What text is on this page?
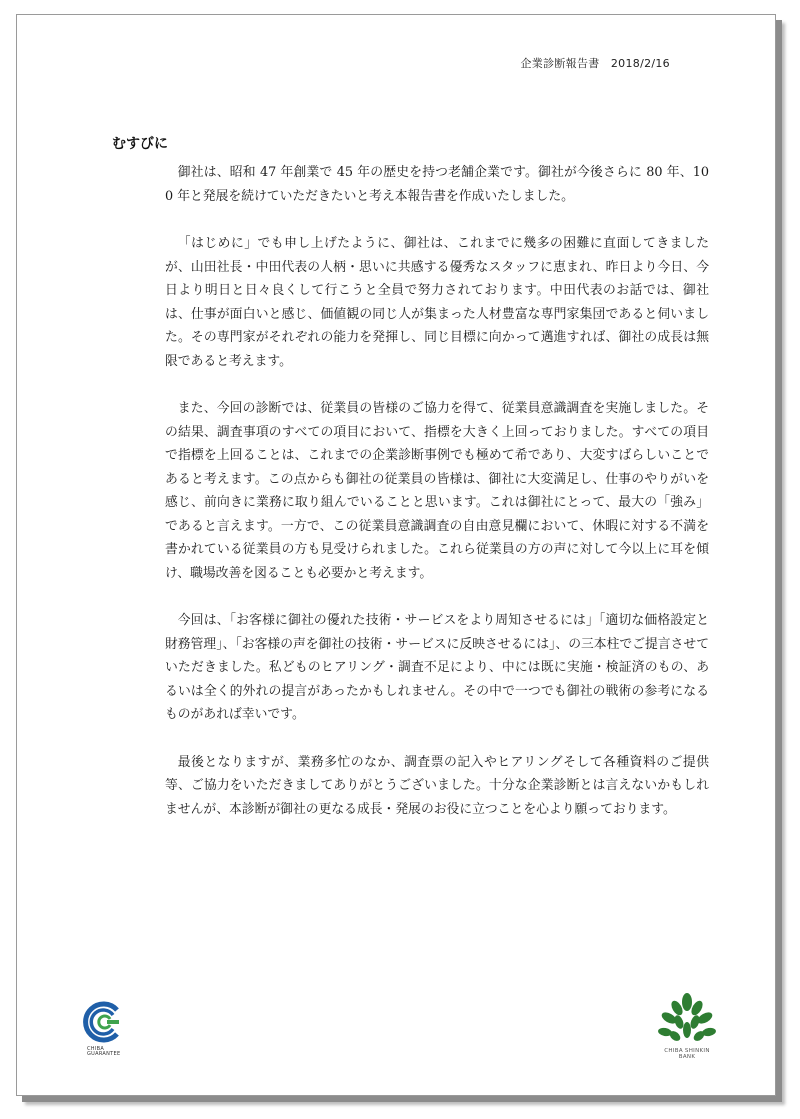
企業診断報告書　2018/2/16
むすびに

御社は、昭和 47 年創業で 45 年の歴史を持つ老舗企業です。御社が今後さらに 80 年、100 年と発展を続けていただきたいと考え本報告書を作成いたしました。

「はじめに」でも申し上げたように、御社は、これまでに幾多の困難に直面してきましたが、山田社長・中田代表の人柄・思いに共感する優秀なスタッフに恵まれ、昨日より今日、今日より明日と日々良くして行こうと全員で努力されております。中田代表のお話では、御社は、仕事が面白いと感じ、価値観の同じ人が集まった人材豊富な専門家集団であると伺いました。その専門家がそれぞれの能力を発揮し、同じ目標に向かって邁進すれば、御社の成長は無限であると考えます。

また、今回の診断では、従業員の皆様のご協力を得て、従業員意識調査を実施しました。その結果、調査事項のすべての項目において、指標を大きく上回っておりました。すべての項目で指標を上回ることは、これまでの企業診断事例でも極めて希であり、大変すばらしいことであると考えます。この点からも御社の従業員の皆様は、御社に大変満足し、仕事のやりがいを感じ、前向きに業務に取り組んでいることと思います。これは御社にとって、最大の「強み」であると言えます。一方で、この従業員意識調査の自由意見欄において、休暇に対する不満を書かれている従業員の方も見受けられました。これら従業員の方の声に対して今以上に耳を傾け、職場改善を図ることも必要かと考えます。

今回は、「お客様に御社の優れた技術・サービスをより周知させるには」「適切な価格設定と財務管理」、「お客様の声を御社の技術・サービスに反映させるには」、の三本柱でご提言させていただきました。私どものヒアリング・調査不足により、中には既に実施・検証済のもの、あるいは全く的外れの提言があったかもしれません。その中で一つでも御社の戦術の参考になるものがあれば幸いです。

最後となりますが、業務多忙のなか、調査票の記入やヒアリングそして各種資料のご提供等、ご協力をいただきましてありがとうございました。十分な企業診断とは言えないかもしれませんが、本診断が御社の更なる成長・発展のお役に立つことを心より願っております。

CHIBA
GUARANTEE	CHIBA SHINKIN
BANK
